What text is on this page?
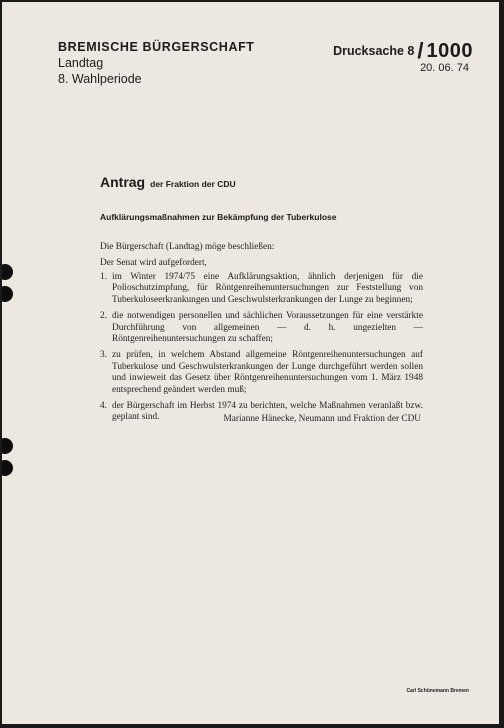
BREMISCHE BÜRGERSCHAFT
Landtag
8. Wahlperiode
Drucksache 8 / 1000
20. 06. 74
Antrag der Fraktion der CDU
Aufklärungsmaßnahmen zur Bekämpfung der Tuberkulose
Die Bürgerschaft (Landtag) möge beschließen:
Der Senat wird aufgefordert,
1. im Winter 1974/75 eine Aufklärungsaktion, ähnlich derjenigen für die Polioschutzimpfung, für Röntgenreihenuntersuchungen zur Feststellung von Tuberkuloseerkrankungen und Geschwulsterkrankungen der Lunge zu beginnen;
2. die notwendigen personellen und sächlichen Voraussetzungen für eine verstärkte Durchführung von allgemeinen — d. h. ungezielten — Röntgenreihenuntersuchungen zu schaffen;
3. zu prüfen, in welchem Abstand allgemeine Röntgenreihenuntersuchungen auf Tuberkulose und Geschwulsterkrankungen der Lunge durchgeführt werden sollen und inwieweit das Gesetz über Röntgenreihenuntersuchungen vom 1. März 1948 entsprechend geändert werden muß;
4. der Bürgerschaft im Herbst 1974 zu berichten, welche Maßnahmen veranlaßt bzw. geplant sind.	Marianne Hänecke, Neumann und Fraktion der CDU
Carl Schünemann Bremen
